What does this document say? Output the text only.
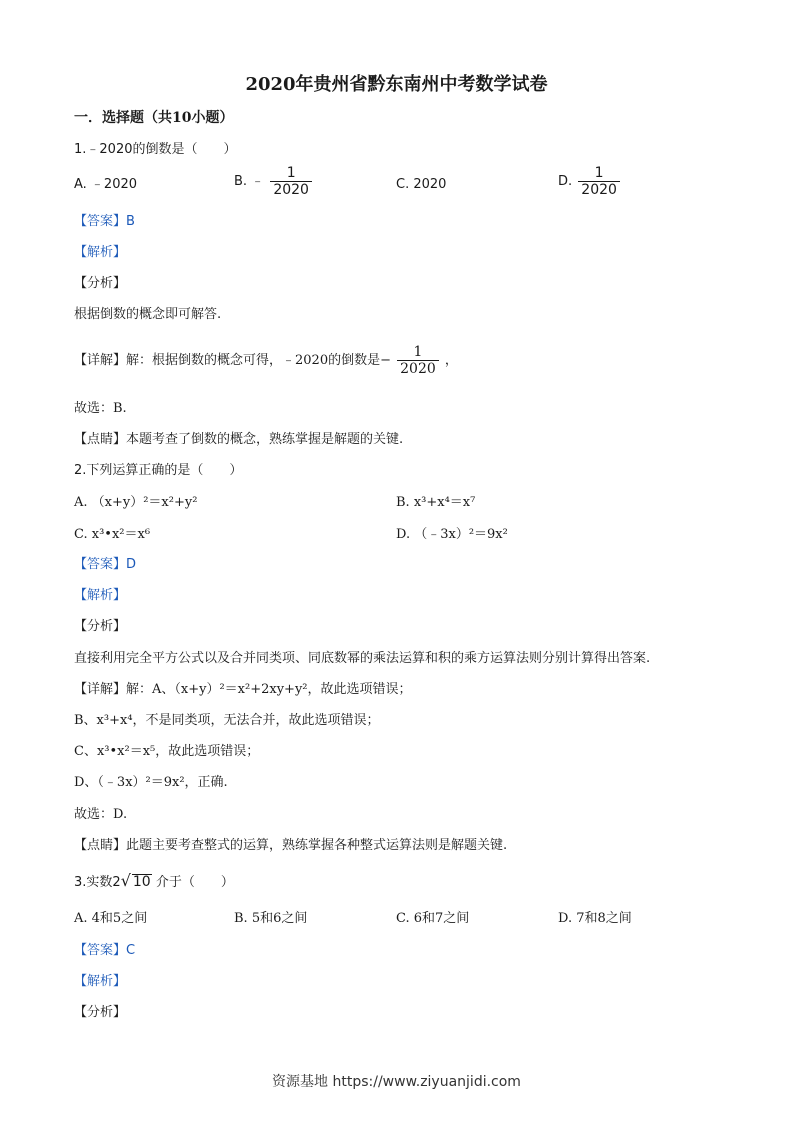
2020年贵州省黔东南州中考数学试卷
一．选择题（共10小题）
1.﹣2020的倒数是（　　）
A. ﹣2020	B. ﹣ $\frac{1}{2020}$	C. 2020	D. $\frac{1}{2020}$
【答案】B
【解析】
【分析】
根据倒数的概念即可解答.
【详解】解：根据倒数的概念可得，﹣2020的倒数是− $\frac{1}{2020}$ ，
故选：B.
【点睛】本题考查了倒数的概念，熟练掌握是解题的关键.
2.下列运算正确的是（　　）
A. （x+y）²＝x²+y²	B. x³+x⁴＝x⁷
C. x³•x²＝x⁶	D. （﹣3x）²＝9x²
【答案】D
【解析】
【分析】
直接利用完全平方公式以及合并同类项、同底数幂的乘法运算和积的乘方运算法则分别计算得出答案.
【详解】解：A、（x+y）²＝x²+2xy+y²，故此选项错误；
B、x³+x⁴，不是同类项，无法合并，故此选项错误；
C、x³•x²＝x⁵，故此选项错误；
D、（﹣3x）²＝9x²，正确.
故选：D.
【点睛】此题主要考查整式的运算，熟练掌握各种整式运算法则是解题关键.
3.实数2√ 10 介于（　　）
A. 4和5之间	B. 5和6之间	C. 6和7之间	D. 7和8之间
【答案】C
【解析】
【分析】
资源基地 https://www.ziyuanjidi.com
